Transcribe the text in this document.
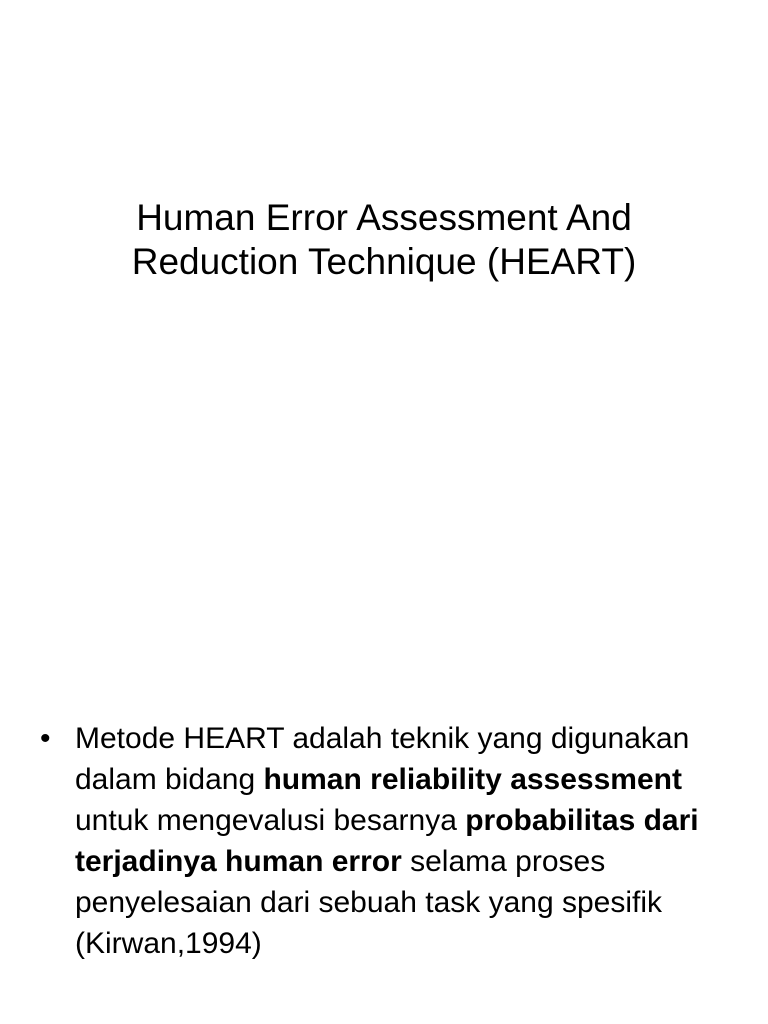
Human Error Assessment And
Reduction Technique (HEART)
• Metode HEART adalah teknik yang digunakan dalam bidang human reliability assessment untuk mengevalusi besarnya probabilitas dari terjadinya human error selama proses penyelesaian dari sebuah task yang spesifik (Kirwan,1994)
